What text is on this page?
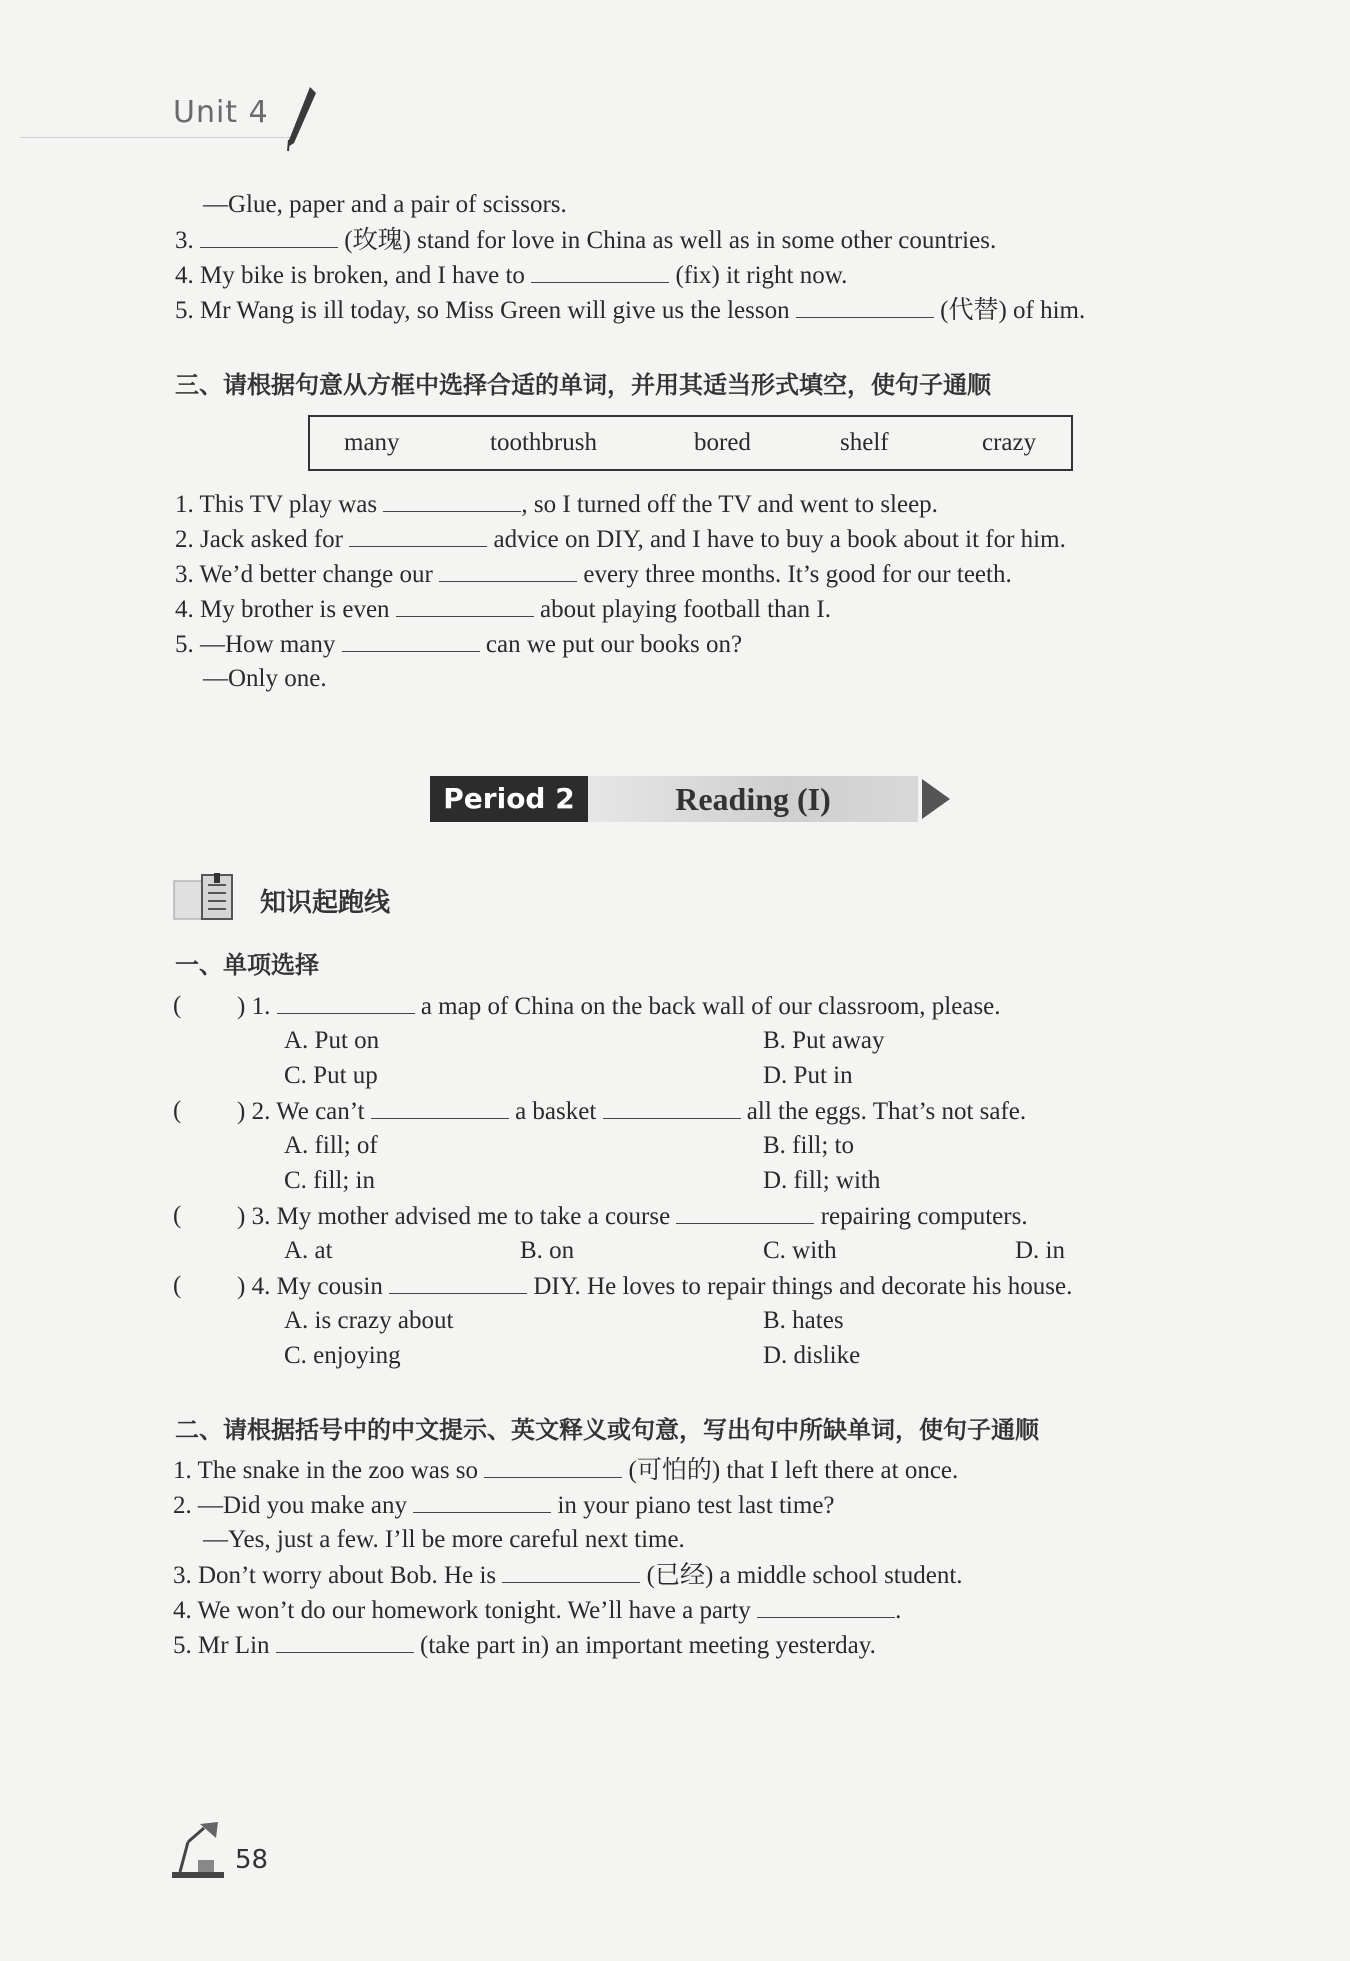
Unit 4
—Glue, paper and a pair of scissors.
3.	(玫瑰) stand for love in China as well as in some other countries.
4. My bike is broken, and I have to	(fix) it right now.
5. Mr Wang is ill today, so Miss Green will give us the lesson	(代替) of him.
三、请根据句意从方框中选择合适的单词，并用其适当形式填空，使句子通顺
many	toothbrush	bored	shelf	crazy
1. This TV play was	, so I turned off the TV and went to sleep.
2. Jack asked for	advice on DIY, and I have to buy a book about it for him.
3. We’d better change our	every three months. It’s good for our teeth.
4. My brother is even	about playing football than I.
5. —How many	can we put our books on?
—Only one.
Period 2	Reading (I)
知识起跑线
一、单项选择
( ) 1.	a map of China on the back wall of our classroom, please.
A. Put on	B. Put away
C. Put up	D. Put in
( ) 2. We can’t	a basket	all the eggs. That’s not safe.
A. fill; of	B. fill; to
C. fill; in	D. fill; with
( ) 3. My mother advised me to take a course	repairing computers.
A. at	B. on	C. with	D. in
( ) 4. My cousin	DIY. He loves to repair things and decorate his house.
A. is crazy about	B. hates
C. enjoying	D. dislike
二、请根据括号中的中文提示、英文释义或句意，写出句中所缺单词，使句子通顺
1. The snake in the zoo was so	(可怕的) that I left there at once.
2. —Did you make any	in your piano test last time?
—Yes, just a few. I’ll be more careful next time.
3. Don’t worry about Bob. He is	(已经) a middle school student.
4. We won’t do our homework tonight. We’ll have a party	.
5. Mr Lin	(take part in) an important meeting yesterday.
58
